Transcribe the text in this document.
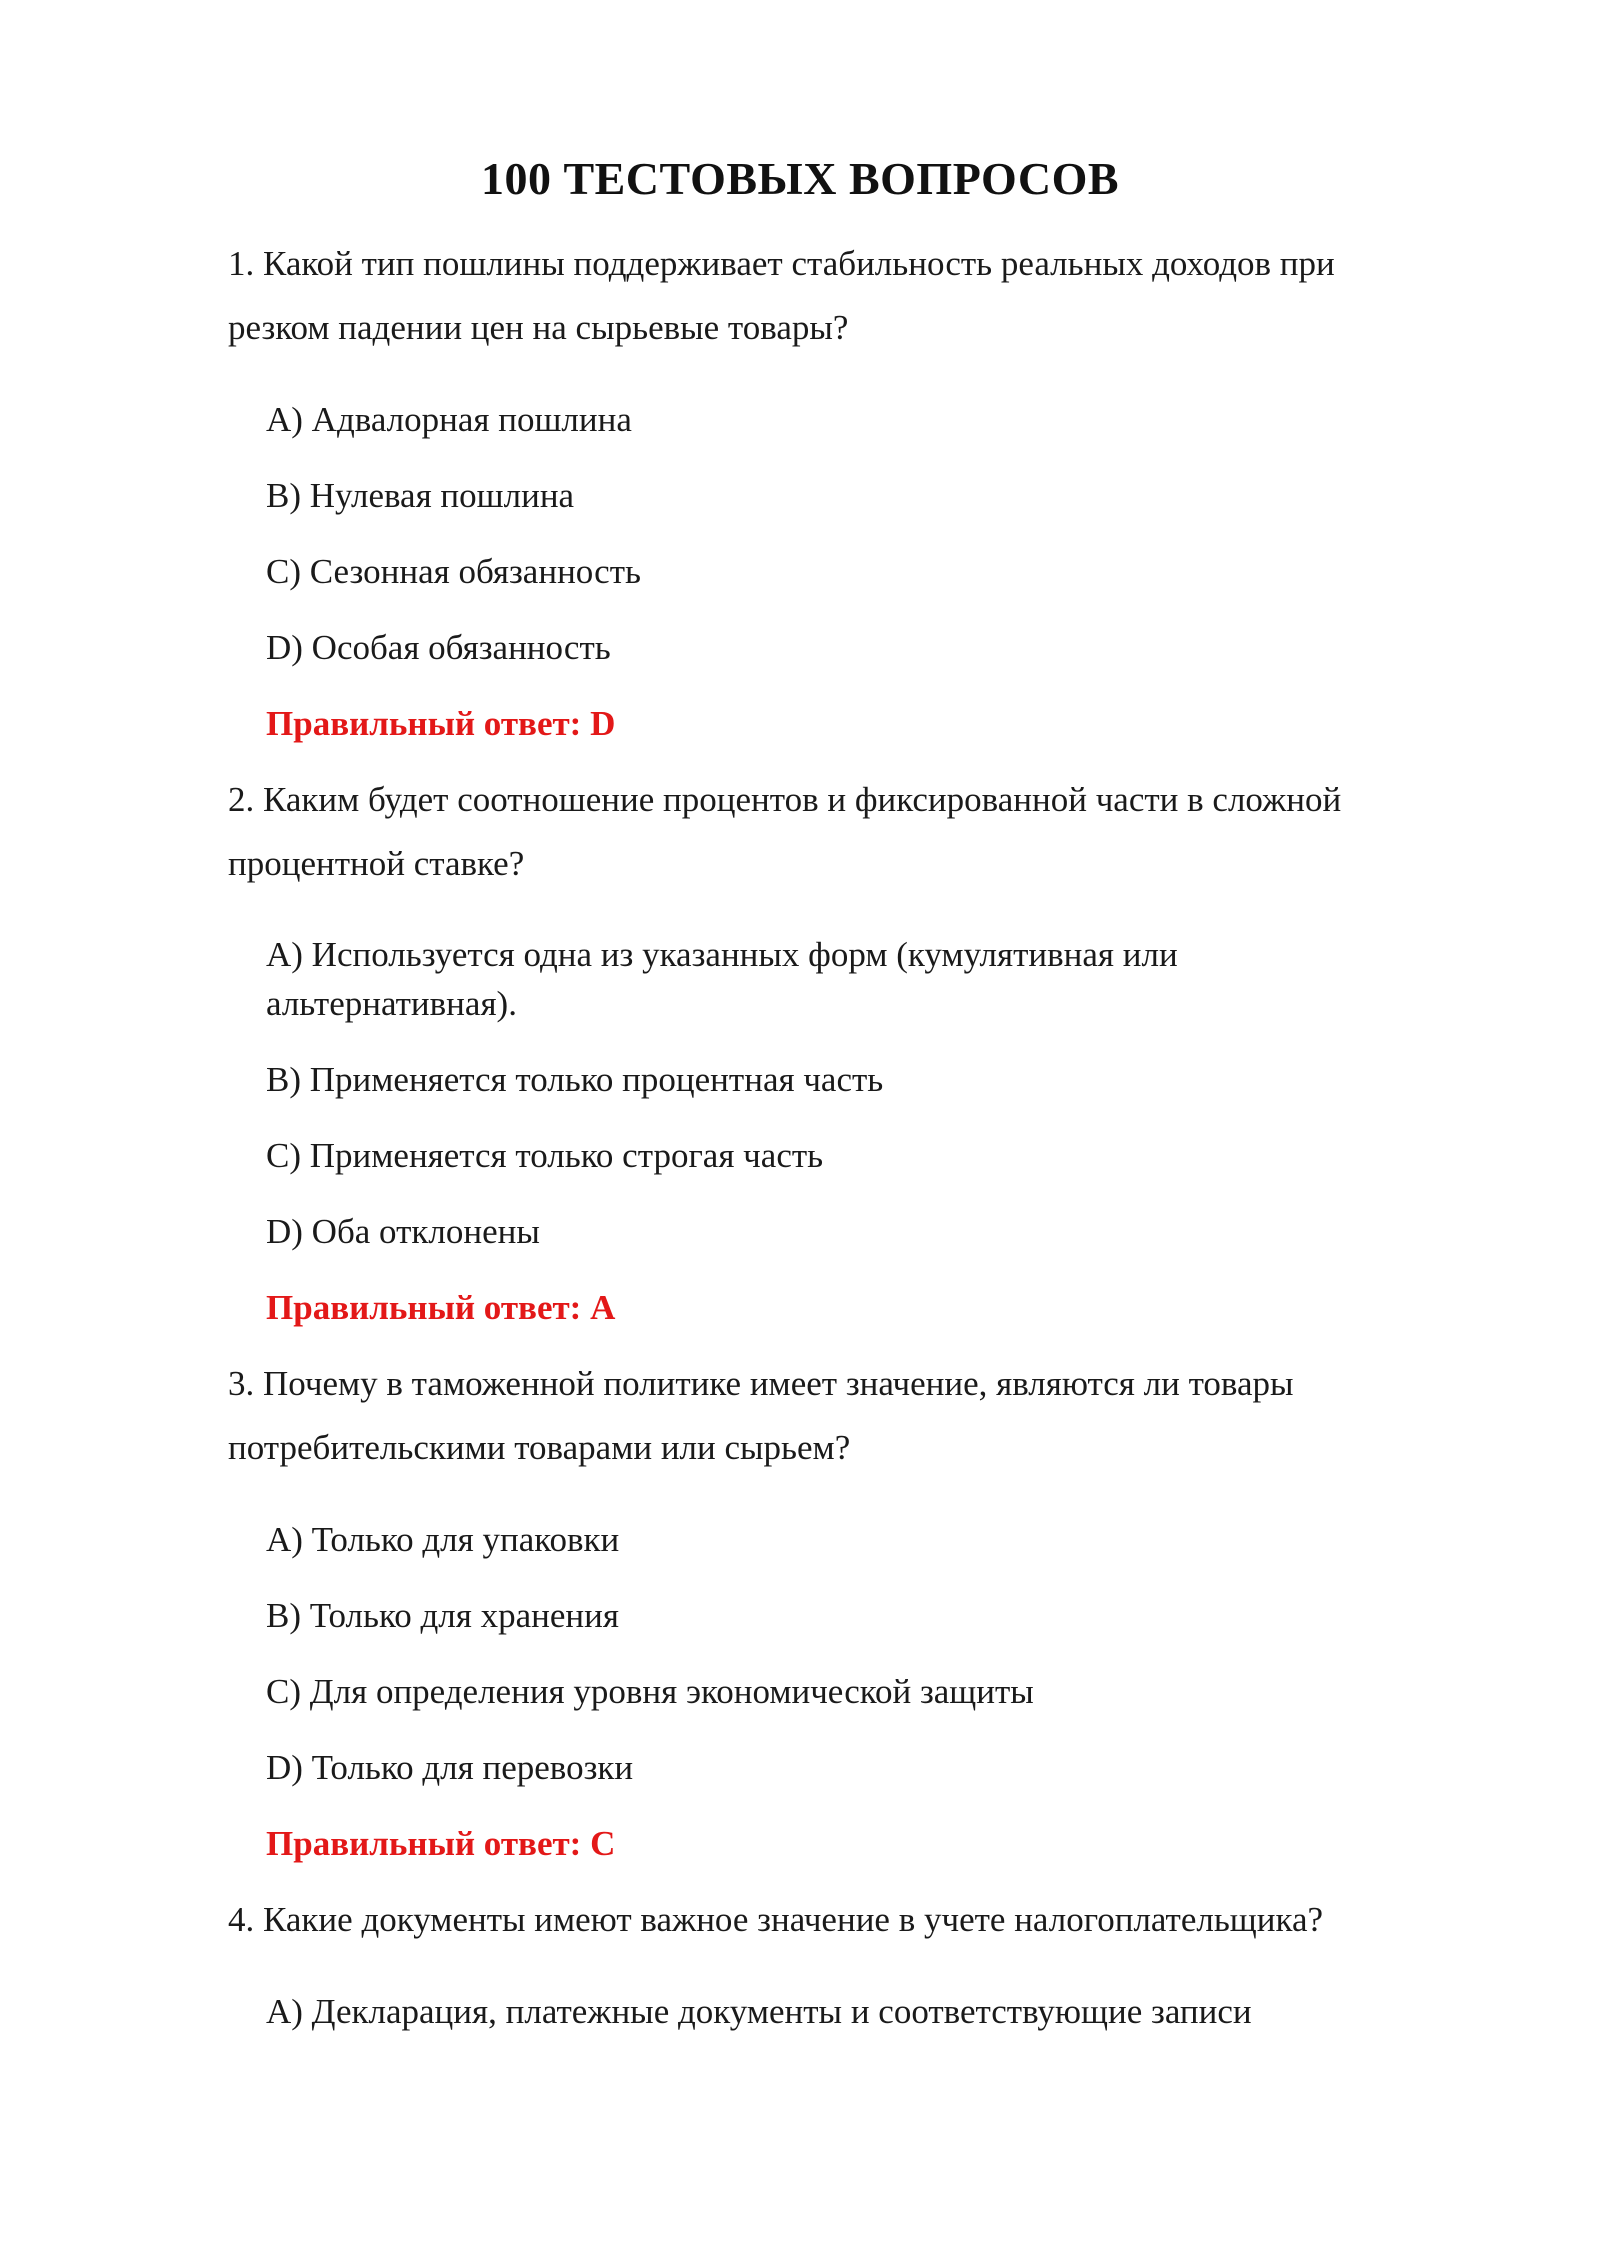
100 ТЕСТОВЫХ ВОПРОСОВ
1. Какой тип пошлины поддерживает стабильность реальных доходов при
резком падении цен на сырьевые товары?
A) Адвалорная пошлина
B) Нулевая пошлина
C) Сезонная обязанность
D) Особая обязанность
Правильный ответ: D
2. Каким будет соотношение процентов и фиксированной части в сложной
процентной ставке?
A) Используется одна из указанных форм (кумулятивная или
альтернативная).
B) Применяется только процентная часть
C) Применяется только строгая часть
D) Оба отклонены
Правильный ответ: A
3. Почему в таможенной политике имеет значение, являются ли товары
потребительскими товарами или сырьем?
A) Только для упаковки
B) Только для хранения
C) Для определения уровня экономической защиты
D) Только для перевозки
Правильный ответ: C
4. Какие документы имеют важное значение в учете налогоплательщика?
A) Декларация, платежные документы и соответствующие записи
